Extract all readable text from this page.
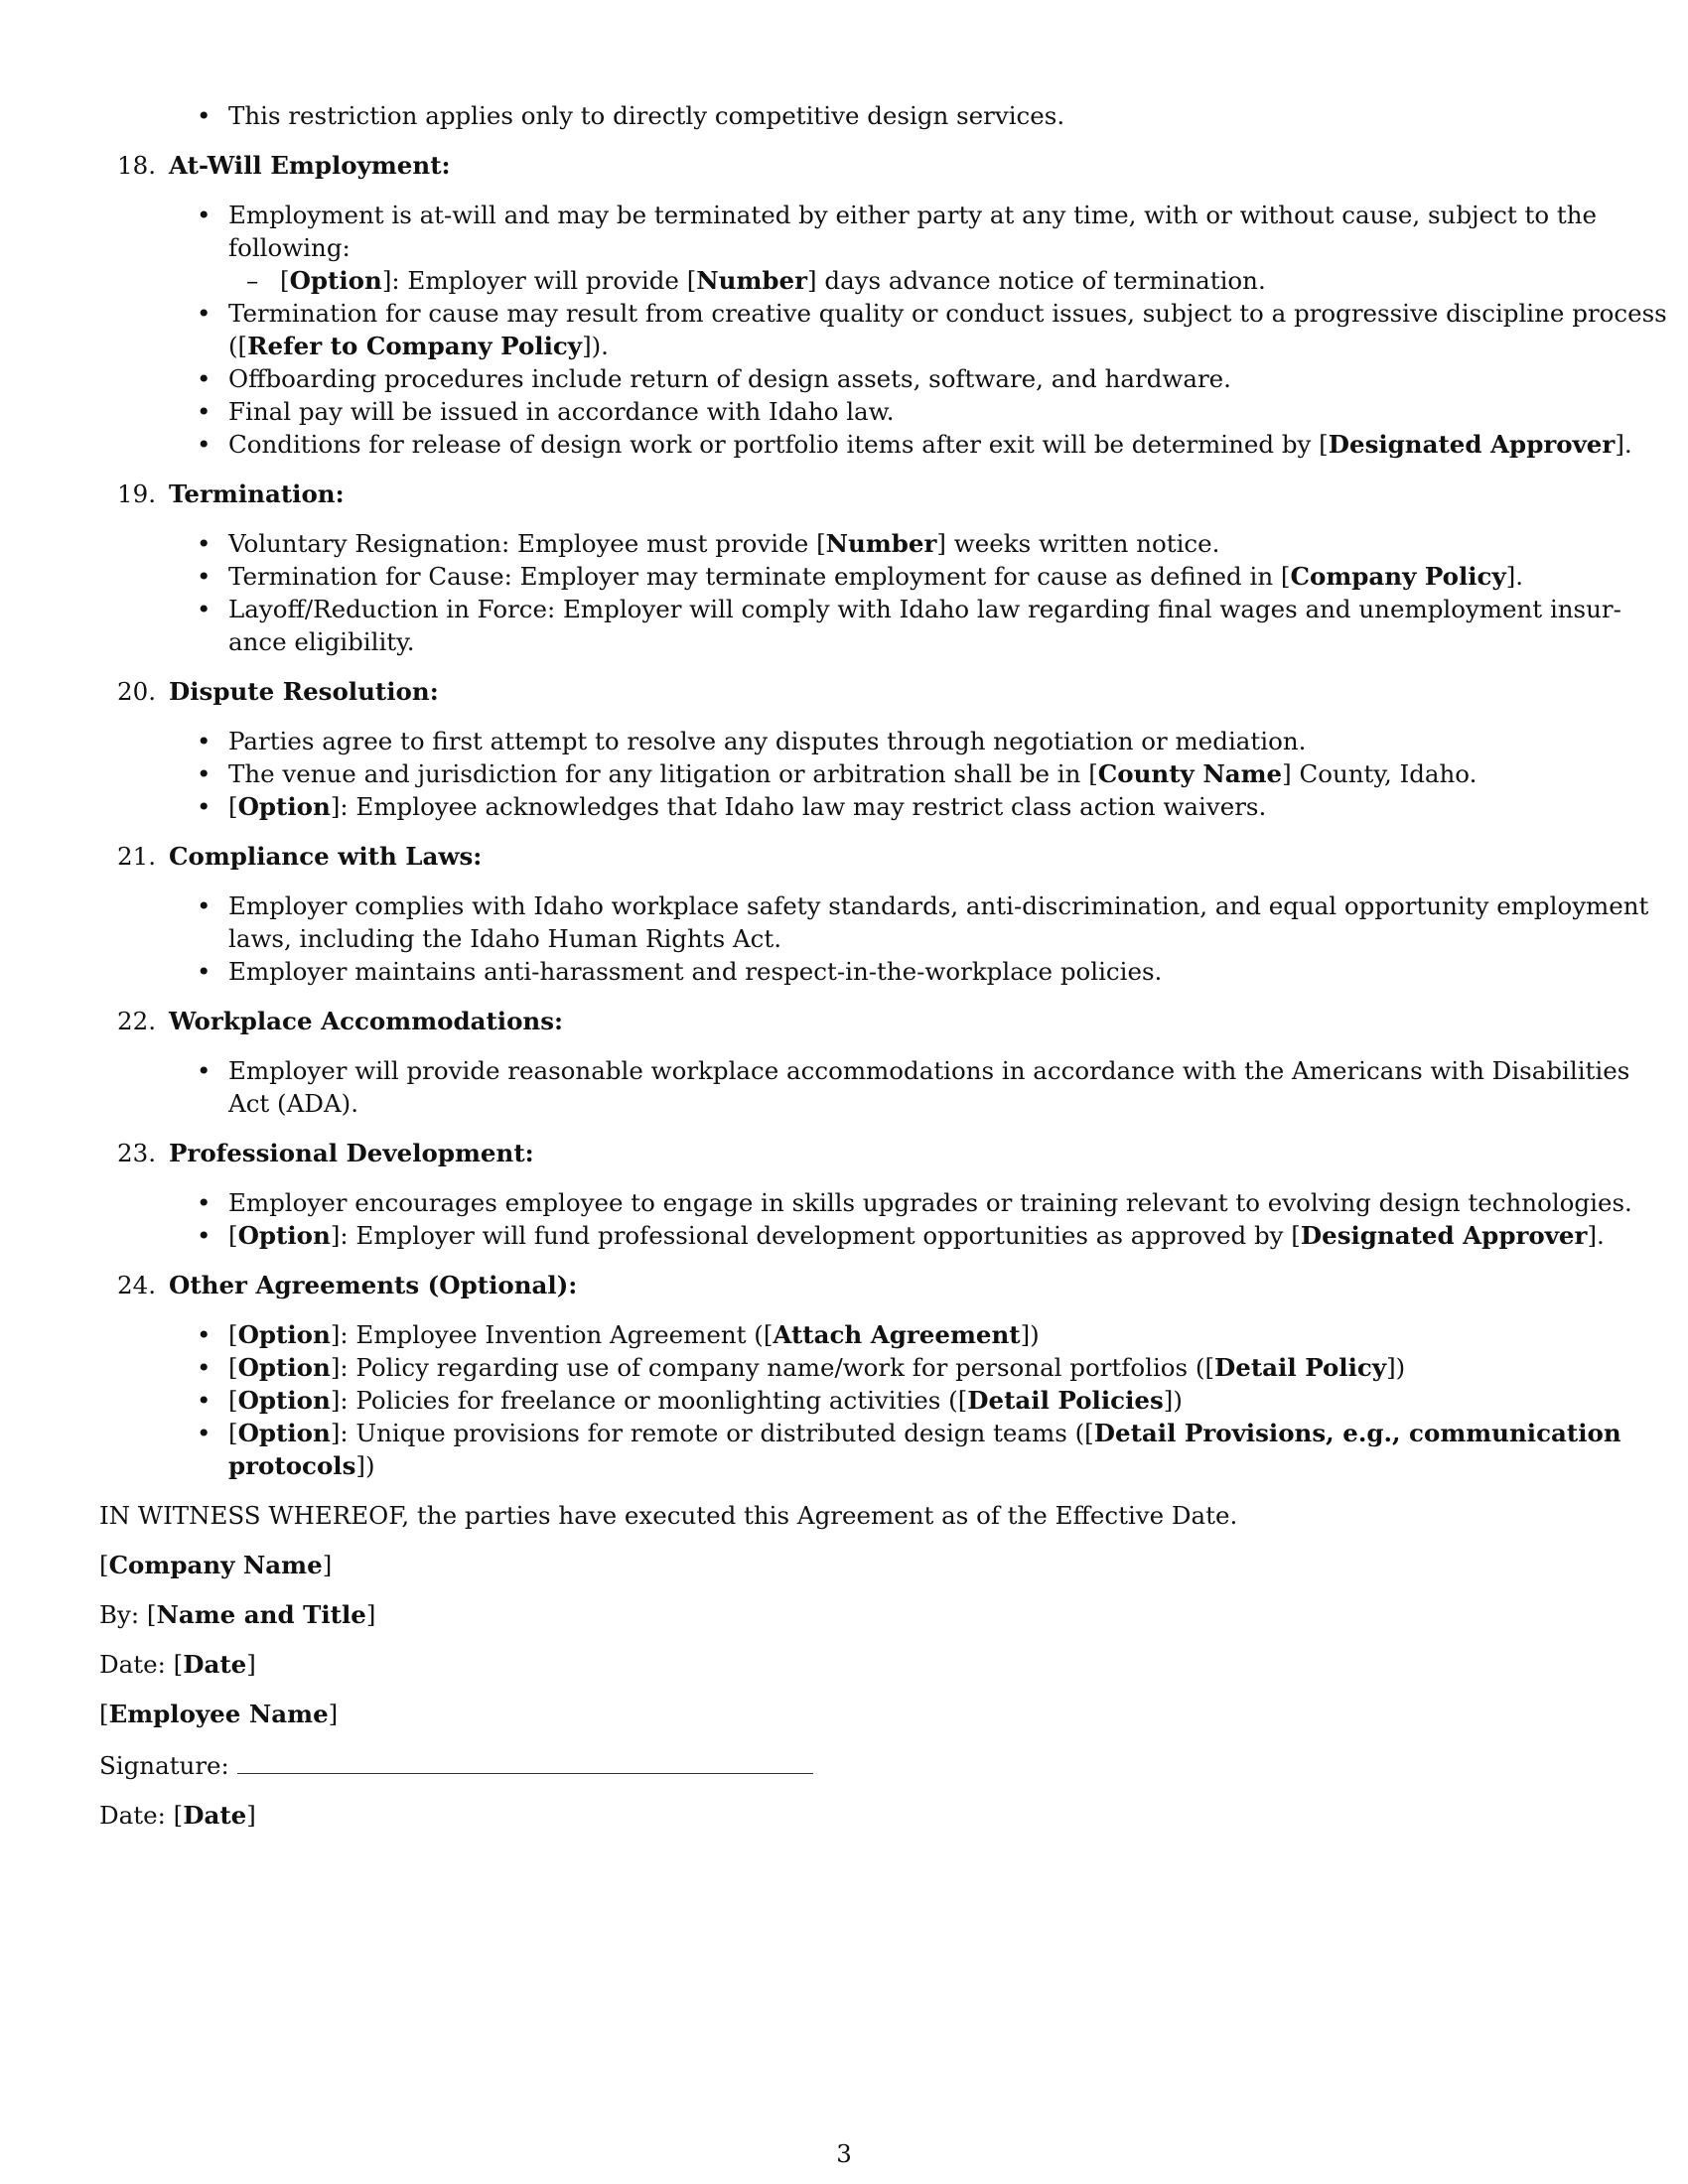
• This restriction applies only to directly competitive design services.
18. At-Will Employment:
• Employment is at-will and may be terminated by either party at any time, with or without cause, subject to the
following:
– [Option]: Employer will provide [Number] days advance notice of termination.
• Termination for cause may result from creative quality or conduct issues, subject to a progressive discipline process
([Refer to Company Policy]).
• Offboarding procedures include return of design assets, software, and hardware.
• Final pay will be issued in accordance with Idaho law.
• Conditions for release of design work or portfolio items after exit will be determined by [Designated Approver].
19. Termination:
• Voluntary Resignation: Employee must provide [Number] weeks written notice.
• Termination for Cause: Employer may terminate employment for cause as defined in [Company Policy].
• Layoff/Reduction in Force: Employer will comply with Idaho law regarding final wages and unemployment insur-
ance eligibility.
20. Dispute Resolution:
• Parties agree to first attempt to resolve any disputes through negotiation or mediation.
• The venue and jurisdiction for any litigation or arbitration shall be in [County Name] County, Idaho.
• [Option]: Employee acknowledges that Idaho law may restrict class action waivers.
21. Compliance with Laws:
• Employer complies with Idaho workplace safety standards, anti-discrimination, and equal opportunity employment
laws, including the Idaho Human Rights Act.
• Employer maintains anti-harassment and respect-in-the-workplace policies.
22. Workplace Accommodations:
• Employer will provide reasonable workplace accommodations in accordance with the Americans with Disabilities
Act (ADA).
23. Professional Development:
• Employer encourages employee to engage in skills upgrades or training relevant to evolving design technologies.
• [Option]: Employer will fund professional development opportunities as approved by [Designated Approver].
24. Other Agreements (Optional):
• [Option]: Employee Invention Agreement ([Attach Agreement])
• [Option]: Policy regarding use of company name/work for personal portfolios ([Detail Policy])
• [Option]: Policies for freelance or moonlighting activities ([Detail Policies])
• [Option]: Unique provisions for remote or distributed design teams ([Detail Provisions, e.g., communication
protocols])
IN WITNESS WHEREOF, the parties have executed this Agreement as of the Effective Date.
[Company Name]
By: [Name and Title]
Date: [Date]
[Employee Name]
Signature:
Date: [Date]
3
